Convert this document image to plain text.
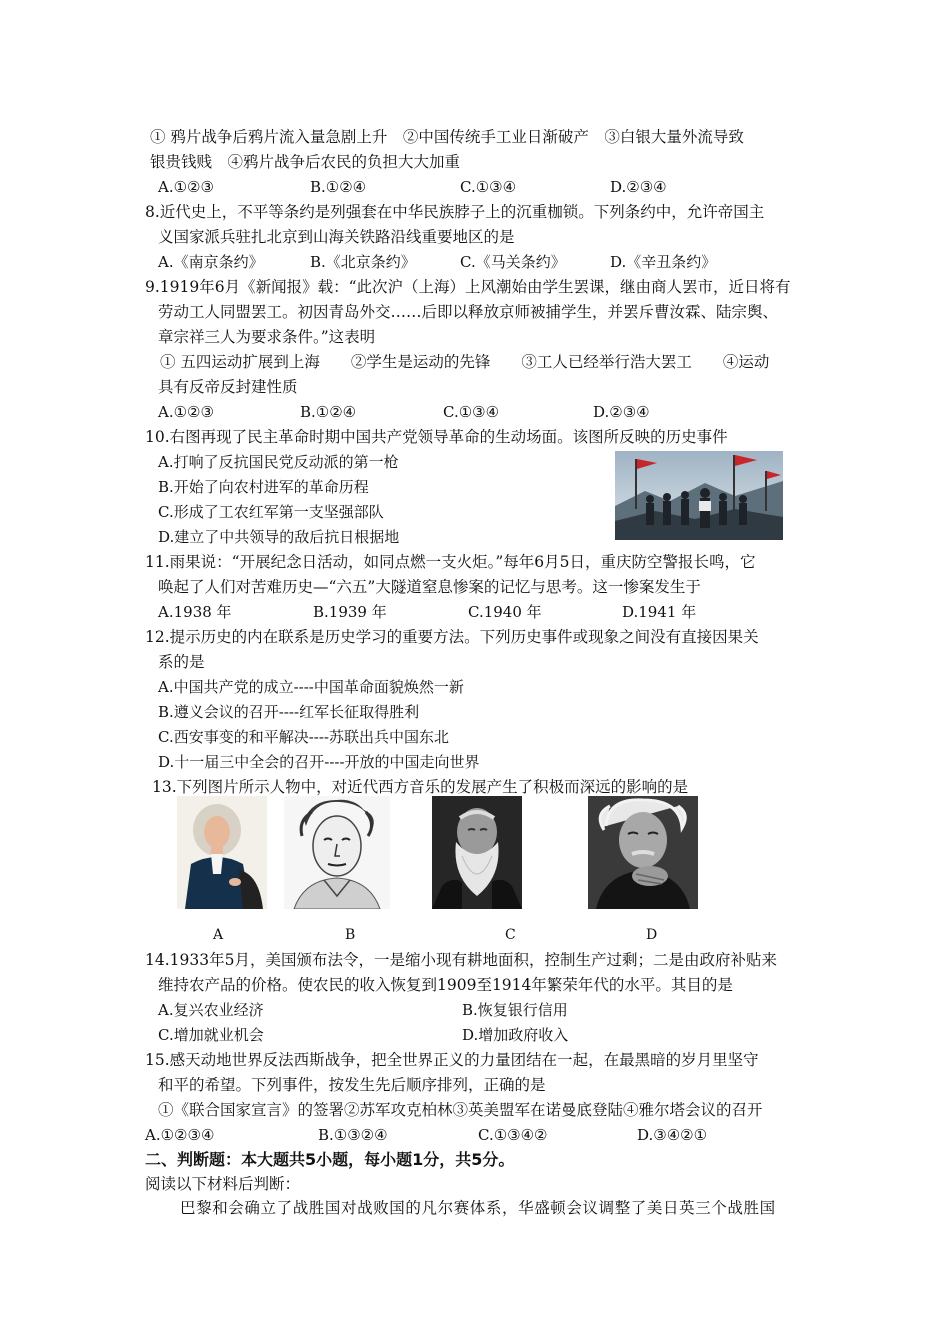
① 鸦片战争后鸦片流入量急剧上升　②中国传统手工业日渐破产　③白银大量外流导致
银贵钱贱　④鸦片战争后农民的负担大大加重
A.①②③	B.①②④	C.①③④	D.②③④
8.近代史上，不平等条约是列强套在中华民族脖子上的沉重枷锁。下列条约中，允许帝国主
义国家派兵驻扎北京到山海关铁路沿线重要地区的是
A.《南京条约》	B.《北京条约》	C.《马关条约》	D.《辛丑条约》
9.1919年6月《新闻报》载：“此次沪（上海）上风潮始由学生罢课，继由商人罢市，近日将有
劳动工人同盟罢工。初因青岛外交……后即以释放京师被捕学生，并罢斥曹汝霖、陆宗舆、
章宗祥三人为要求条件。”这表明
① 五四运动扩展到上海　　②学生是运动的先锋　　③工人已经举行浩大罢工　　④运动
具有反帝反封建性质
A.①②③	B.①②④	C.①③④	D.②③④
10.右图再现了民主革命时期中国共产党领导革命的生动场面。该图所反映的历史事件
A.打响了反抗国民党反动派的第一枪
B.开始了向农村进军的革命历程
C.形成了工农红军第一支坚强部队
D.建立了中共领导的敌后抗日根据地
11.雨果说：“开展纪念日活动，如同点燃一支火炬。”每年6月5日，重庆防空警报长鸣，它
唤起了人们对苦难历史—“六五”大隧道窒息惨案的记忆与思考。这一惨案发生于
A.1938 年	B.1939 年	C.1940 年	D.1941 年
12.提示历史的内在联系是历史学习的重要方法。下列历史事件或现象之间没有直接因果关
系的是
A.中国共产党的成立----中国革命面貌焕然一新
B.遵义会议的召开----红军长征取得胜利
C.西安事变的和平解决----苏联出兵中国东北
D.十一届三中全会的召开----开放的中国走向世界
13.下列图片所示人物中，对近代西方音乐的发展产生了积极而深远的影响的是
A	B	C	D
14.1933年5月，美国颁布法令，一是缩小现有耕地面积，控制生产过剩；二是由政府补贴来
维持农产品的价格。使农民的收入恢复到1909至1914年繁荣年代的水平。其目的是
A.复兴农业经济	B.恢复银行信用
C.增加就业机会	D.增加政府收入
15.感天动地世界反法西斯战争，把全世界正义的力量团结在一起，在最黑暗的岁月里坚守
和平的希望。下列事件，按发生先后顺序排列，正确的是
①《联合国家宣言》的签署②苏军攻克柏林③英美盟军在诺曼底登陆④雅尔塔会议的召开
A.①②③④	B.①③②④	C.①③④②	D.③④②①
二、判断题：本大题共5小题，每小题1分，共5分。
阅读以下材料后判断：
巴黎和会确立了战胜国对战败国的凡尔赛体系，华盛顿会议调整了美日英三个战胜国
